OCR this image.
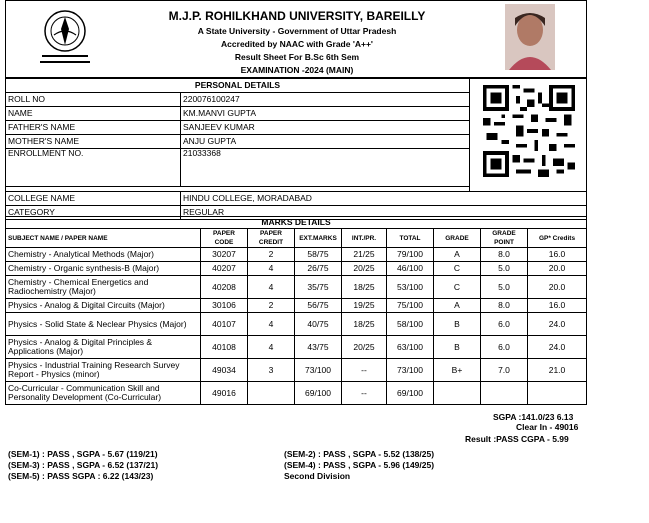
M.J.P. ROHILKHAND UNIVERSITY, BAREILLY
A State University - Government of Uttar Pradesh
Accredited by NAAC with Grade 'A++'
Result Sheet For B.Sc 6th Sem
EXAMINATION -2024 (MAIN)
PERSONAL DETAILS		
ROLL NO	220076100247	
NAME	KM.MANVI GUPTA	
FATHER'S NAME	SANJEEV KUMAR	
MOTHER'S NAME	ANJU GUPTA	
ENROLLMENT NO.	21033368	

COLLEGE NAME	HINDU COLLEGE, MORADABAD	
CATEGORY	REGULAR	
MARKS DETAILS								
SUBJECT NAME / PAPER NAME	PAPER CODE	PAPER CREDIT	EXT.MARKS	INT./PR.	TOTAL	GRADE	GRADE POINT	GP* Credits
Chemistry - Analytical Methods (Major)	30207	2	58/75	21/25	79/100	A	8.0	16.0
Chemistry - Organic synthesis-B (Major)	40207	4	26/75	20/25	46/100	C	5.0	20.0
Chemistry - Chemical Energetics and Radiochemistry (Major)	40208	4	35/75	18/25	53/100	C	5.0	20.0
Physics - Analog & Digital Circuits (Major)	30106	2	56/75	19/25	75/100	A	8.0	16.0
Physics - Solid State & Neclear Physics (Major)	40107	4	40/75	18/25	58/100	B	6.0	24.0
Physics - Analog & Digital Principles & Applications (Major)	40108	4	43/75	20/25	63/100	B	6.0	24.0
Physics - Industrial Training Research Survey Report - Physics (minor)	49034	3	73/100	--	73/100	B+	7.0	21.0
Co-Curricular - Communication Skill and Personality Development (Co-Curricular)	49016		69/100	--	69/100			
SGPA :141.0/23 6.13
Clear In - 49016
Result :PASS CGPA - 5.99
(SEM-1) : PASS , SGPA - 5.67 (119/21)	(SEM-2) : PASS , SGPA - 5.52 (138/25)
(SEM-3) : PASS , SGPA - 6.52 (137/21)	(SEM-4) : PASS , SGPA - 5.96 (149/25)
(SEM-5) : PASS SGPA : 6.22 (143/23)	Second Division
